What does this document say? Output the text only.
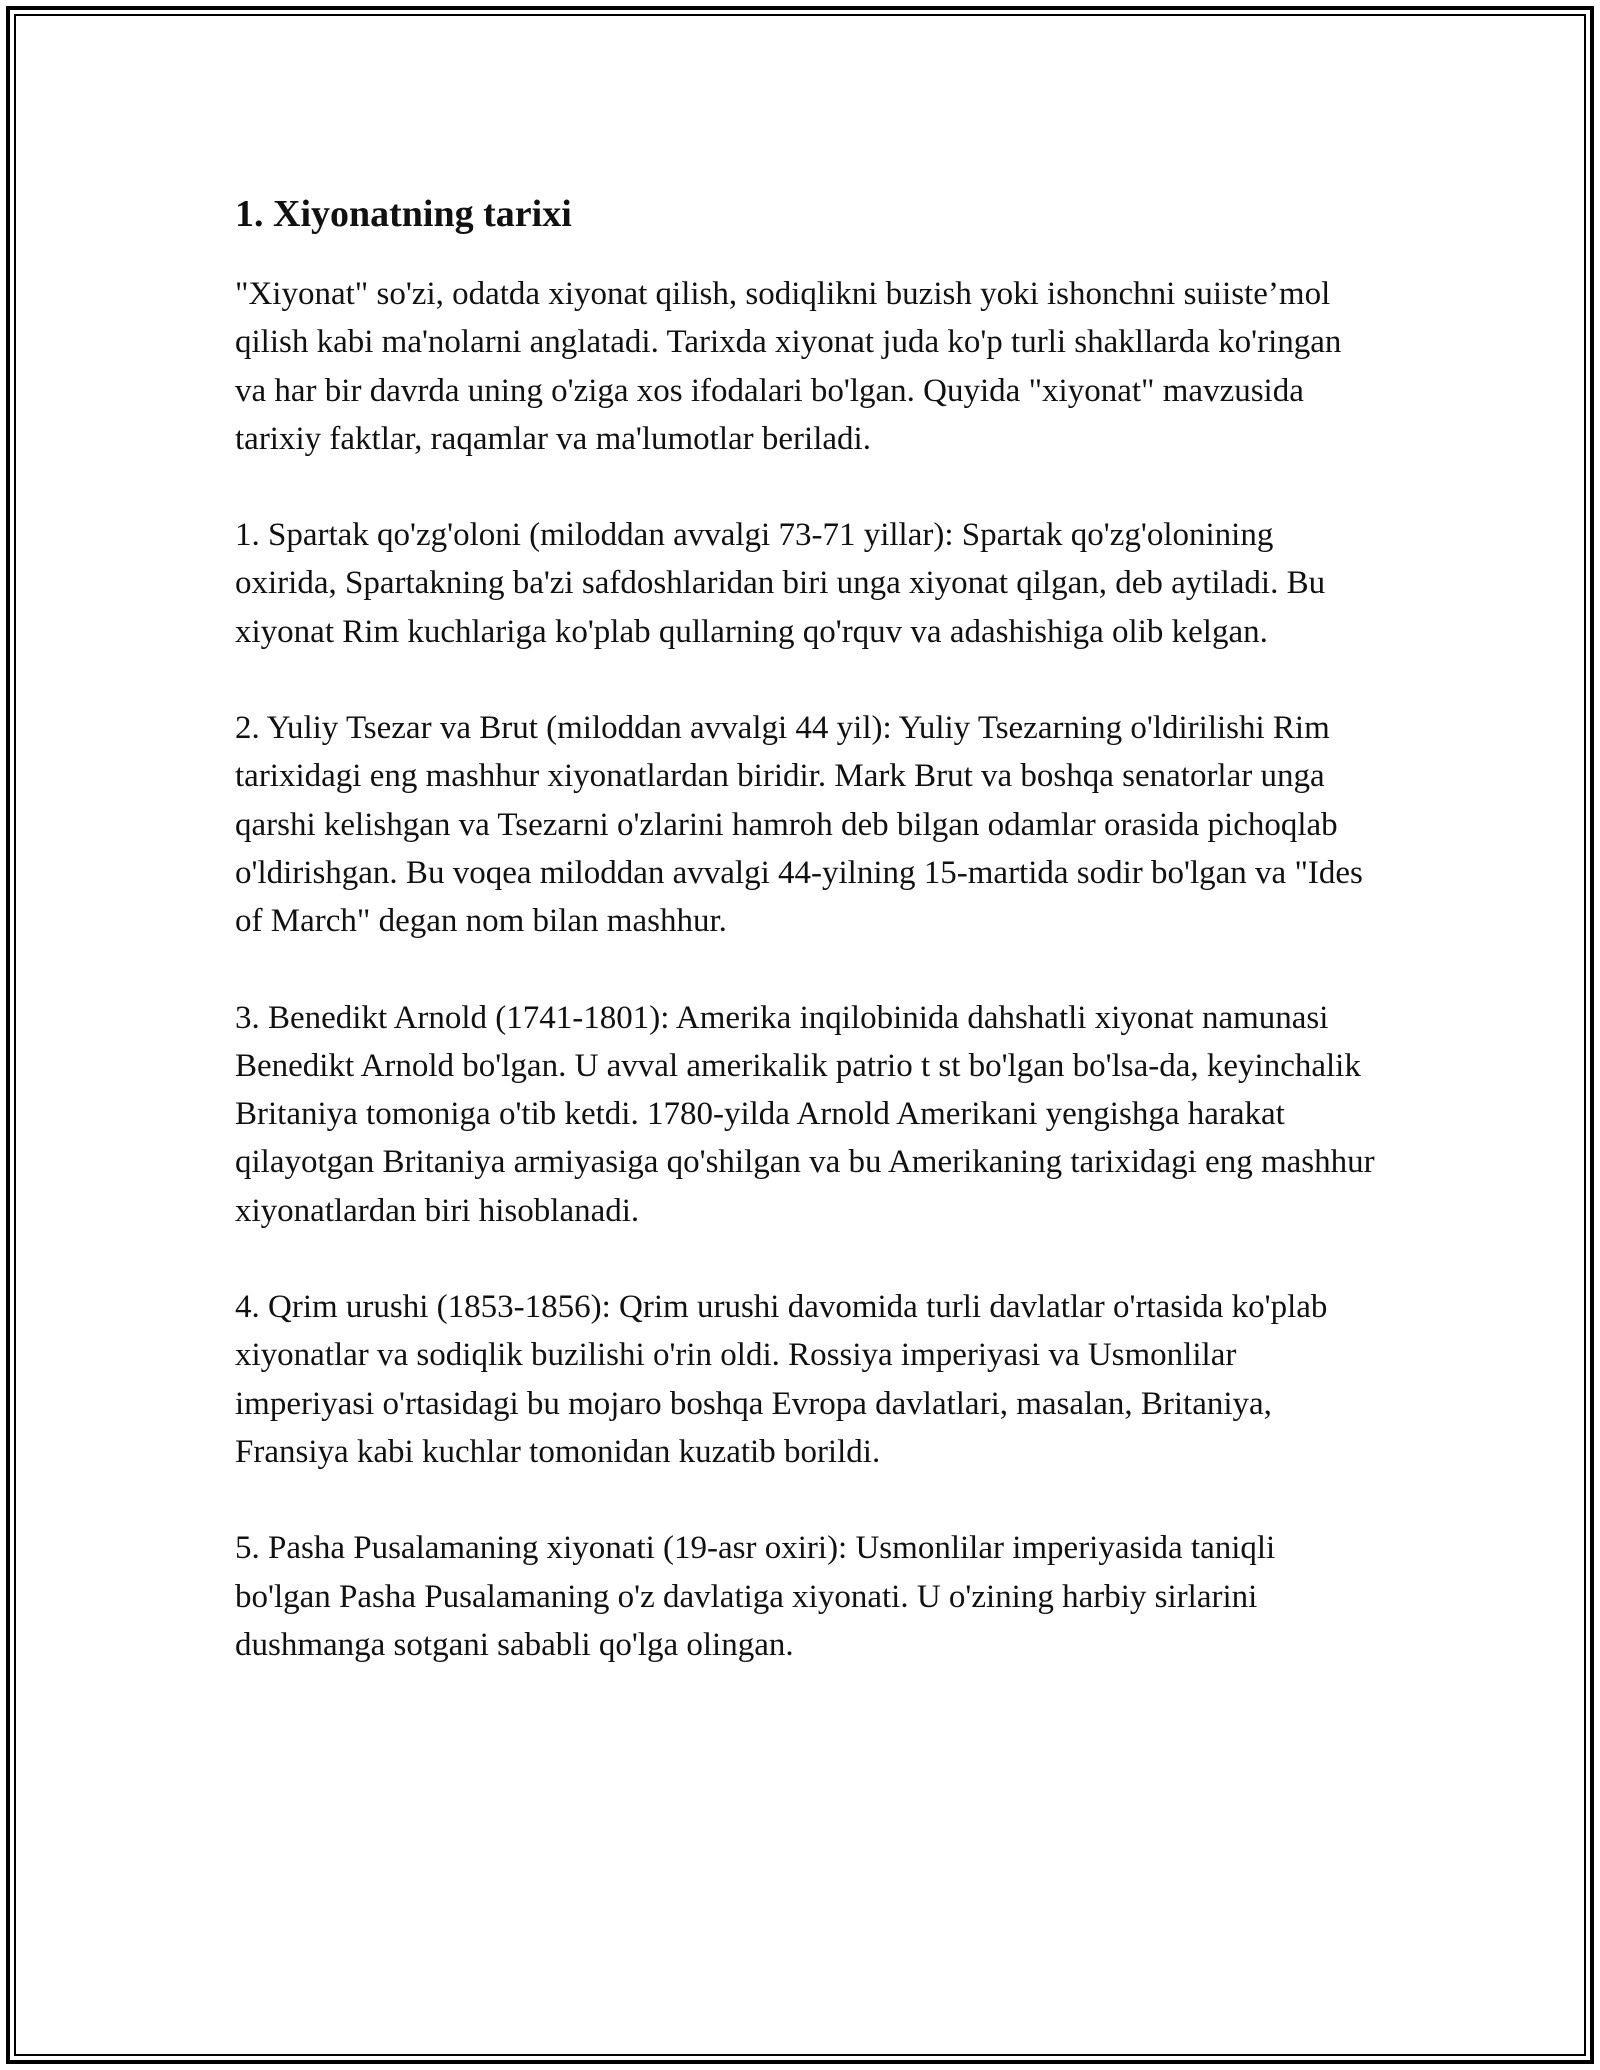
1. Xiyonatning tarixi

"Xiyonat" so'zi, odatda xiyonat qilish, sodiqlikni buzish yoki ishonchni suiiste’mol qilish kabi ma'nolarni anglatadi. Tarixda xiyonat juda ko'p turli shakllarda ko'ringan va har bir davrda uning o'ziga xos ifodalari bo'lgan. Quyida "xiyonat" mavzusida tarixiy faktlar, raqamlar va ma'lumotlar beriladi.

1. Spartak qo'zg'oloni (miloddan avvalgi 73-71 yillar): Spartak qo'zg'olonining oxirida, Spartakning ba'zi safdoshlaridan biri unga xiyonat qilgan, deb aytiladi. Bu xiyonat Rim kuchlariga ko'plab qullarning qo'rquv va adashishiga olib kelgan.

2. Yuliy Tsezar va Brut (miloddan avvalgi 44 yil): Yuliy Tsezarning o'ldirilishi Rim tarixidagi eng mashhur xiyonatlardan biridir. Mark Brut va boshqa senatorlar unga qarshi kelishgan va Tsezarni o'zlarini hamroh deb bilgan odamlar orasida pichoqlab o'ldirishgan. Bu voqea miloddan avvalgi 44-yilning 15-martida sodir bo'lgan va "Ides of March" degan nom bilan mashhur.

3. Benedikt Arnold (1741-1801): Amerika inqilobinida dahshatli xiyonat namunasi Benedikt Arnold bo'lgan. U avval amerikalik patrio t st bo'lgan bo'lsa-da, keyinchalik Britaniya tomoniga o'tib ketdi. 1780-yilda Arnold Amerikani yengishga harakat qilayotgan Britaniya armiyasiga qo'shilgan va bu Amerikaning tarixidagi eng mashhur xiyonatlardan biri hisoblanadi.

4. Qrim urushi (1853-1856): Qrim urushi davomida turli davlatlar o'rtasida ko'plab xiyonatlar va sodiqlik buzilishi o'rin oldi. Rossiya imperiyasi va Usmonlilar imperiyasi o'rtasidagi bu mojaro boshqa Evropa davlatlari, masalan, Britaniya, Fransiya kabi kuchlar tomonidan kuzatib borildi.

5. Pasha Pusalamaning xiyonati (19-asr oxiri): Usmonlilar imperiyasida taniqli bo'lgan Pasha Pusalamaning o'z davlatiga xiyonati. U o'zining harbiy sirlarini dushmanga sotgani sababli qo'lga olingan.
